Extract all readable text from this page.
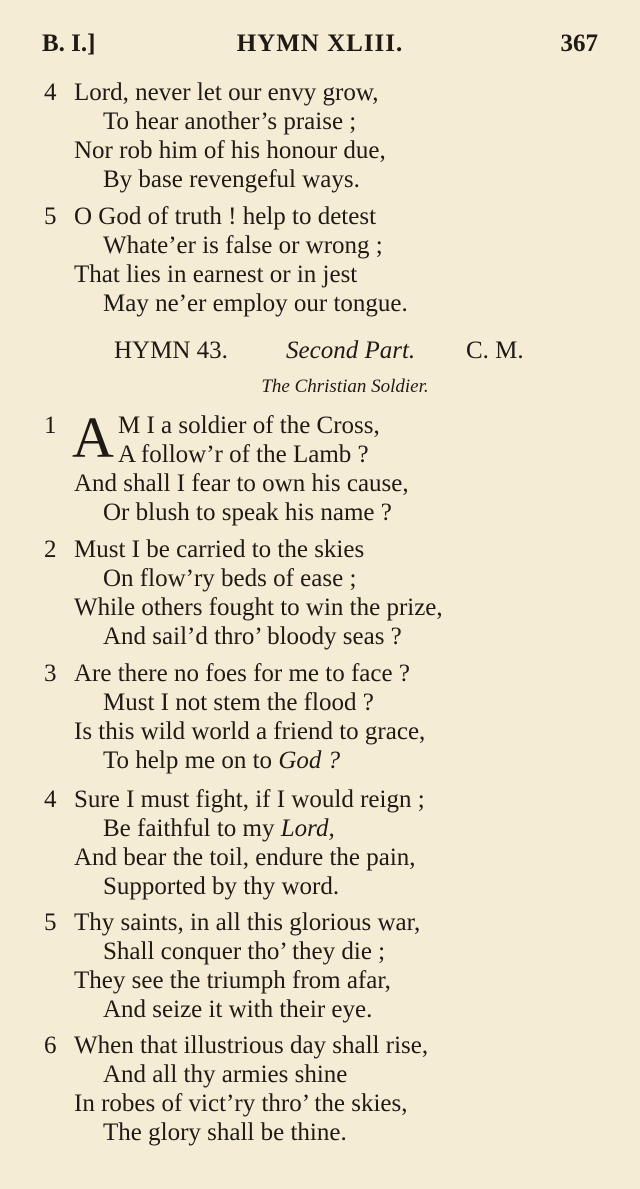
B. I.]	HYMN XLIII.	367
4 Lord, never let our envy grow,
To hear another’s praise ;
Nor rob him of his honour due,
By base revengeful ways.
5 O God of truth ! help to detest
Whate’er is false or wrong ;
That lies in earnest or in jest
May ne’er employ our tongue.
HYMN 43. Second Part. C. M.
The Christian Soldier.
1 A M I a soldier of the Cross,
A follow’r of the Lamb ?
And shall I fear to own his cause,
Or blush to speak his name ?
2 Must I be carried to the skies
On flow’ry beds of ease ;
While others fought to win the prize,
And sail’d thro’ bloody seas ?
3 Are there no foes for me to face ?
Must I not stem the flood ?
Is this wild world a friend to grace,
To help me on to God ?
4 Sure I must fight, if I would reign ;
Be faithful to my Lord,
And bear the toil, endure the pain,
Supported by thy word.
5 Thy saints, in all this glorious war,
Shall conquer tho’ they die ;
They see the triumph from afar,
And seize it with their eye.
6 When that illustrious day shall rise,
And all thy armies shine
In robes of vict’ry thro’ the skies,
The glory shall be thine.
